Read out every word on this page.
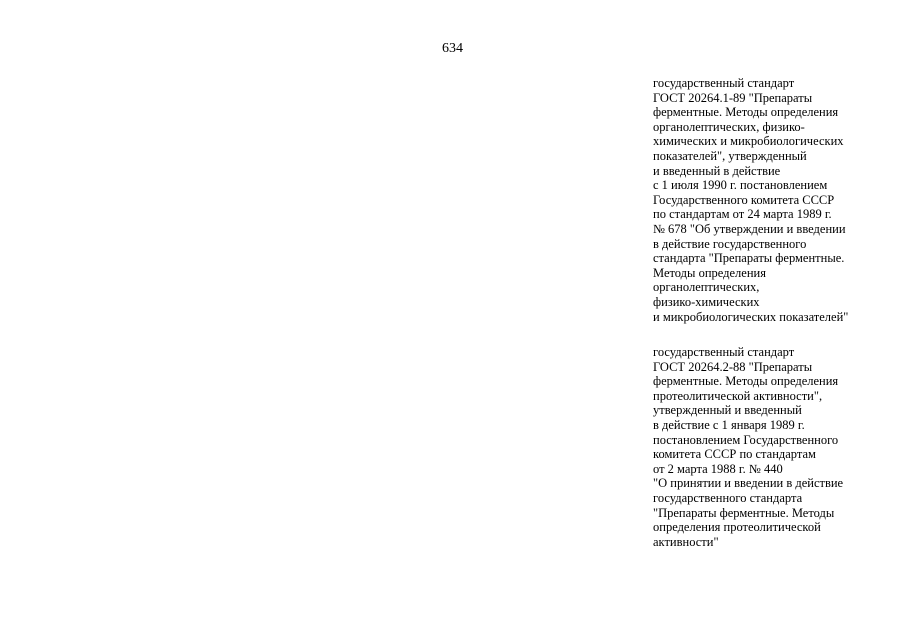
634
государственный стандарт
ГОСТ 20264.1-89 "Препараты
ферментные. Методы определения
органолептических, физико-
химических и микробиологических
показателей", утвержденный
и введенный в действие
с 1 июля 1990 г. постановлением
Государственного комитета СССР
по стандартам от 24 марта 1989 г.
№ 678 "Об утверждении и введении
в действие государственного
стандарта "Препараты ферментные.
Методы определения
органолептических,
физико-химических
и микробиологических показателей"
государственный стандарт
ГОСТ 20264.2-88 "Препараты
ферментные. Методы определения
протеолитической активности",
утвержденный и введенный
в действие с 1 января 1989 г.
постановлением Государственного
комитета СССР по стандартам
от 2 марта 1988 г. № 440
"О принятии и введении в действие
государственного стандарта
"Препараты ферментные. Методы
определения протеолитической
активности"
